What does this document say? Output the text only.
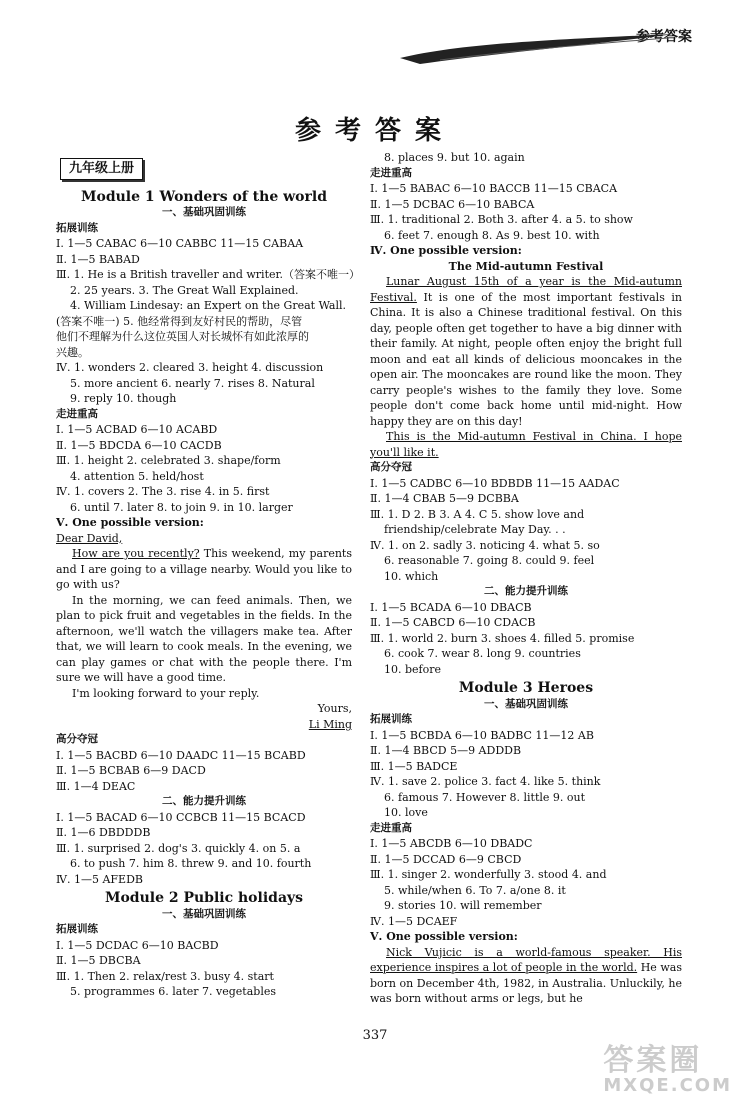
参考答案
参考答案
九年级上册
Module 1 Wonders of the world
一、基础巩固训练
拓展训练
Ⅰ. 1—5 CABAC 6—10 CABBC 11—15 CABAA
Ⅱ. 1—5 BABAD
Ⅲ. 1. He is a British traveller and writer.（答案不唯一）
2. 25 years. 3. The Great Wall Explained.
4. William Lindesay: an Expert on the Great Wall.
(答案不唯一) 5. 他经常得到友好村民的帮助，尽管
他们不理解为什么这位英国人对长城怀有如此浓厚的
兴趣。
Ⅳ. 1. wonders 2. cleared 3. height 4. discussion
5. more ancient 6. nearly 7. rises 8. Natural
9. reply 10. though
走进重高
Ⅰ. 1—5 ACBAD 6—10 ACABD
Ⅱ. 1—5 BDCDA 6—10 CACDB
Ⅲ. 1. height 2. celebrated 3. shape/form
4. attention 5. held/host
Ⅳ. 1. covers 2. The 3. rise 4. in 5. first
6. until 7. later 8. to join 9. in 10. larger
Ⅴ. One possible version:
Dear David,
How are you recently? This weekend, my parents and I are going to a village nearby. Would you like to go with us?
In the morning, we can feed animals. Then, we plan to pick fruit and vegetables in the fields. In the afternoon, we'll watch the villagers make tea. After that, we will learn to cook meals. In the evening, we can play games or chat with the people there. I'm sure we will have a good time.
I'm looking forward to your reply.
Yours,
Li Ming
高分夺冠
Ⅰ. 1—5 BACBD 6—10 DAADC 11—15 BCABD
Ⅱ. 1—5 BCBAB 6—9 DACD
Ⅲ. 1—4 DEAC
二、能力提升训练
Ⅰ. 1—5 BACAD 6—10 CCBCB 11—15 BCACD
Ⅱ. 1—6 DBDDDB
Ⅲ. 1. surprised 2. dog's 3. quickly 4. on 5. a
6. to push 7. him 8. threw 9. and 10. fourth
Ⅳ. 1—5 AFEDB
Module 2 Public holidays
一、基础巩固训练
拓展训练
Ⅰ. 1—5 DCDAC 6—10 BACBD
Ⅱ. 1—5 DBCBA
Ⅲ. 1. Then 2. relax/rest 3. busy 4. start
5. programmes 6. later 7. vegetables
8. places 9. but 10. again
走进重高
Ⅰ. 1—5 BABAC 6—10 BACCB 11—15 CBACA
Ⅱ. 1—5 DCBAC 6—10 BABCA
Ⅲ. 1. traditional 2. Both 3. after 4. a 5. to show
6. feet 7. enough 8. As 9. best 10. with
Ⅳ. One possible version:
The Mid-autumn Festival
Lunar August 15th of a year is the Mid-autumn Festival. It is one of the most important festivals in China. It is also a Chinese traditional festival. On this day, people often get together to have a big dinner with their family. At night, people often enjoy the bright full moon and eat all kinds of delicious mooncakes in the open air. The mooncakes are round like the moon. They carry people's wishes to the family they love. Some people don't come back home until mid-night. How happy they are on this day!
This is the Mid-autumn Festival in China. I hope you'll like it.
高分夺冠
Ⅰ. 1—5 CADBC 6—10 BDBDB 11—15 AADAC
Ⅱ. 1—4 CBAB 5—9 DCBBA
Ⅲ. 1. D 2. B 3. A 4. C 5. show love and
friendship/celebrate May Day. . .
Ⅳ. 1. on 2. sadly 3. noticing 4. what 5. so
6. reasonable 7. going 8. could 9. feel
10. which
二、能力提升训练
Ⅰ. 1—5 BCADA 6—10 DBACB
Ⅱ. 1—5 CABCD 6—10 CDACB
Ⅲ. 1. world 2. burn 3. shoes 4. filled 5. promise
6. cook 7. wear 8. long 9. countries
10. before
Module 3 Heroes
一、基础巩固训练
拓展训练
Ⅰ. 1—5 BCBDA 6—10 BADBC 11—12 AB
Ⅱ. 1—4 BBCD 5—9 ADDDB
Ⅲ. 1—5 BADCE
Ⅳ. 1. save 2. police 3. fact 4. like 5. think
6. famous 7. However 8. little 9. out
10. love
走进重高
Ⅰ. 1—5 ABCDB 6—10 DBADC
Ⅱ. 1—5 DCCAD 6—9 CBCD
Ⅲ. 1. singer 2. wonderfully 3. stood 4. and
5. while/when 6. To 7. a/one 8. it
9. stories 10. will remember
Ⅳ. 1—5 DCAEF
Ⅴ. One possible version:
Nick Vujicic is a world-famous speaker. His experience inspires a lot of people in the world. He was born on December 4th, 1982, in Australia. Unluckily, he was born without arms or legs, but he
337
答案圈
MXQE.COM
